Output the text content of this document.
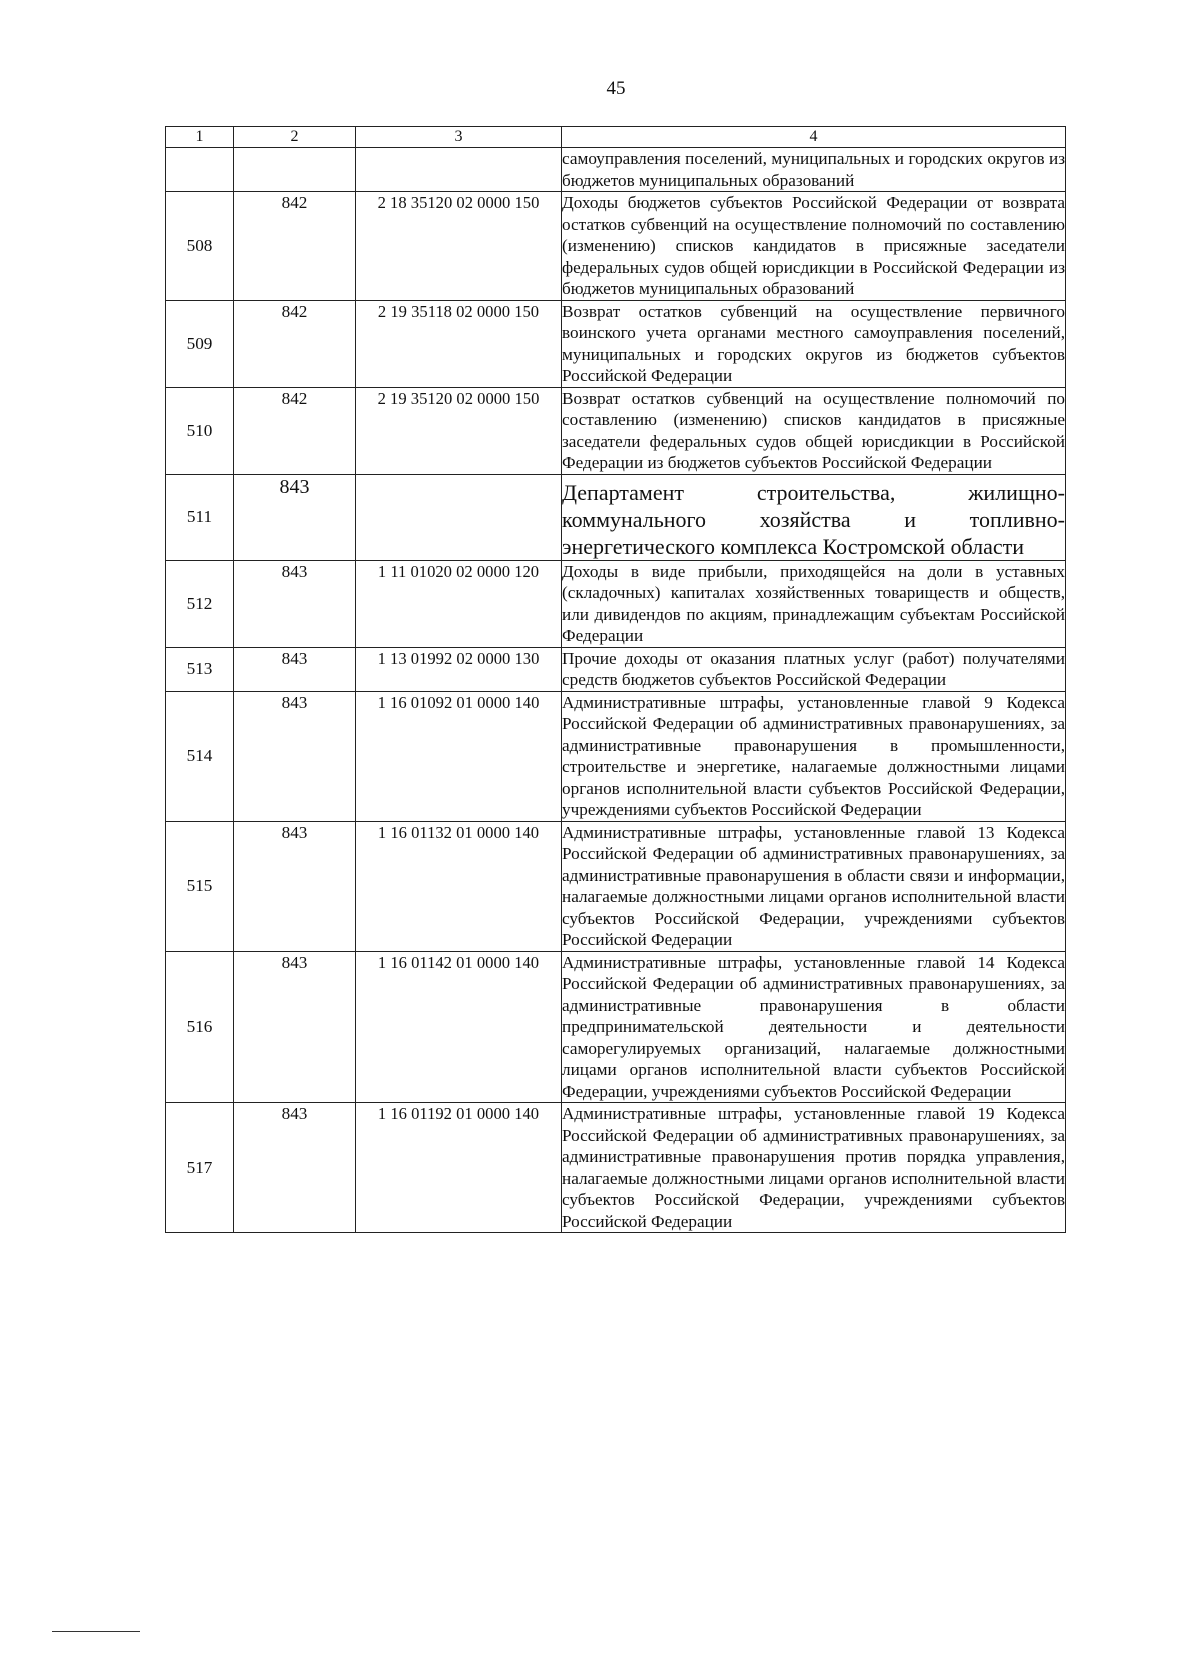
45
1	2	3	4
			самоуправления поселений, муниципальных и городских округов из бюджетов муниципальных образований
508	842	2 18 35120 02 0000 150	Доходы бюджетов субъектов Российской Федерации от возврата остатков субвенций на осуществление полномочий по составлению (изменению) списков кандидатов в присяжные заседатели федеральных судов общей юрисдикции в Российской Федерации из бюджетов муниципальных образований
509	842	2 19 35118 02 0000 150	Возврат остатков субвенций на осуществление первичного воинского учета органами местного самоуправления поселений, муниципальных и городских округов из бюджетов субъектов Российской Федерации
510	842	2 19 35120 02 0000 150	Возврат остатков субвенций на осуществление полномочий по составлению (изменению) списков кандидатов в присяжные заседатели федеральных судов общей юрисдикции в Российской Федерации из бюджетов субъектов Российской Федерации
511	843		Департамент строительства, жилищно-коммунального хозяйства и топливно-энергетического комплекса Костромской области
512	843	1 11 01020 02 0000 120	Доходы в виде прибыли, приходящейся на доли в уставных (складочных) капиталах хозяйственных товариществ и обществ, или дивидендов по акциям, принадлежащим субъектам Российской Федерации
513	843	1 13 01992 02 0000 130	Прочие доходы от оказания платных услуг (работ) получателями средств бюджетов субъектов Российской Федерации
514	843	1 16 01092 01 0000 140	Административные штрафы, установленные главой 9 Кодекса Российской Федерации об административных правонарушениях, за административные правонарушения в промышленности, строительстве и энергетике, налагаемые должностными лицами органов исполнительной власти субъектов Российской Федерации, учреждениями субъектов Российской Федерации
515	843	1 16 01132 01 0000 140	Административные штрафы, установленные главой 13 Кодекса Российской Федерации об административных правонарушениях, за административные правонарушения в области связи и информации, налагаемые должностными лицами органов исполнительной власти субъектов Российской Федерации, учреждениями субъектов Российской Федерации
516	843	1 16 01142 01 0000 140	Административные штрафы, установленные главой 14 Кодекса Российской Федерации об административных правонарушениях, за административные правонарушения в области предпринимательской деятельности и деятельности саморегулируемых организаций, налагаемые должностными лицами органов исполнительной власти субъектов Российской Федерации, учреждениями субъектов Российской Федерации
517	843	1 16 01192 01 0000 140	Административные штрафы, установленные главой 19 Кодекса Российской Федерации об административных правонарушениях, за административные правонарушения против порядка управления, налагаемые должностными лицами органов исполнительной власти субъектов Российской Федерации, учреждениями субъектов Российской Федерации
